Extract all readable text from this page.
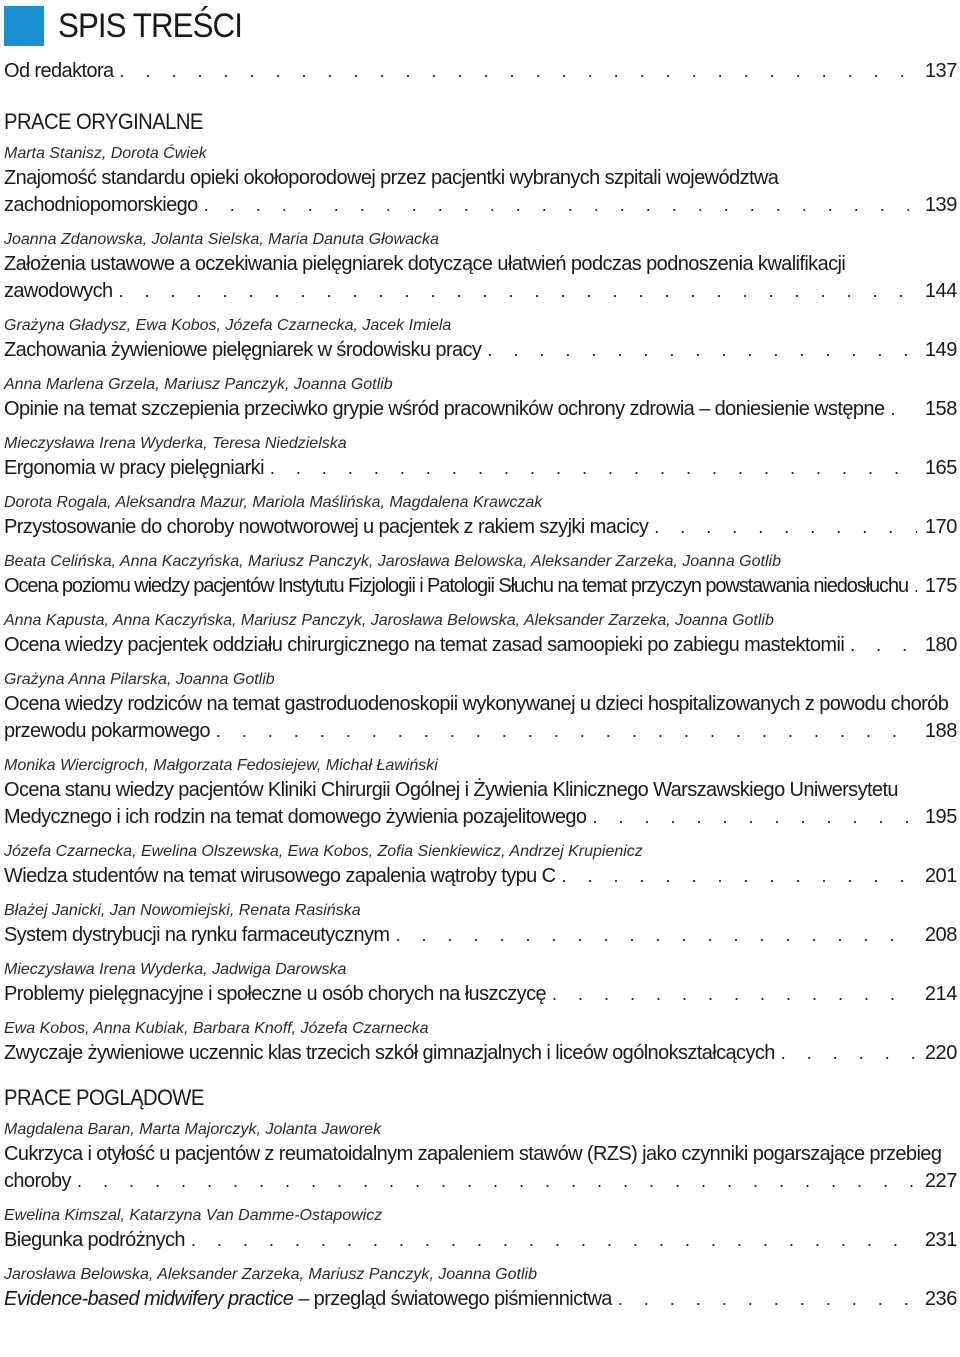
SPIS TREŚCI
Od redaktora . . .	137
PRACE ORYGINALNE
Marta Stanisz, Dorota Ćwiek
Znajomość standardu opieki okołoporodowej przez pacjentki wybranych szpitali województwa
zachodniopomorskiego . . .	139
Joanna Zdanowska, Jolanta Sielska, Maria Danuta Głowacka
Założenia ustawowe a oczekiwania pielęgniarek dotyczące ułatwień podczas podnoszenia kwalifikacji
zawodowych . . .	144
Grażyna Gładysz, Ewa Kobos, Józefa Czarnecka, Jacek Imiela
Zachowania żywieniowe pielęgniarek w środowisku pracy . . .	149
Anna Marlena Grzela, Mariusz Panczyk, Joanna Gotlib
Opinie na temat szczepienia przeciwko grypie wśród pracowników ochrony zdrowia – doniesienie wstępne . . . 158
Mieczysława Irena Wyderka, Teresa Niedzielska
Ergonomia w pracy pielęgniarki . . .	165
Dorota Rogala, Aleksandra Mazur, Mariola Maślińska, Magdalena Krawczak
Przystosowanie do choroby nowotworowej u pacjentek z rakiem szyjki macicy . . .	170
Beata Celińska, Anna Kaczyńska, Mariusz Panczyk, Jarosława Belowska, Aleksander Zarzeka, Joanna Gotlib
Ocena poziomu wiedzy pacjentów Instytutu Fizjologii i Patologii Słuchu na temat przyczyn powstawania niedosłuchu . . . 175
Anna Kapusta, Anna Kaczyńska, Mariusz Panczyk, Jarosława Belowska, Aleksander Zarzeka, Joanna Gotlib
Ocena wiedzy pacjentek oddziału chirurgicznego na temat zasad samoopieki po zabiegu mastektomii . . .	180
Grażyna Anna Pilarska, Joanna Gotlib
Ocena wiedzy rodziców na temat gastroduodenoskopii wykonywanej u dzieci hospitalizowanych z powodu chorób
przewodu pokarmowego . . .	188
Monika Wiercigroch, Małgorzata Fedosiejew, Michał Ławiński
Ocena stanu wiedzy pacjentów Kliniki Chirurgii Ogólnej i Żywienia Klinicznego Warszawskiego Uniwersytetu
Medycznego i ich rodzin na temat domowego żywienia pozajelitowego . . .	195
Józefa Czarnecka, Ewelina Olszewska, Ewa Kobos, Zofia Sienkiewicz, Andrzej Krupienicz
Wiedza studentów na temat wirusowego zapalenia wątroby typu C . . .	201
Błażej Janicki, Jan Nowomiejski, Renata Rasińska
System dystrybucji na rynku farmaceutycznym . . .	208
Mieczysława Irena Wyderka, Jadwiga Darowska
Problemy pielęgnacyjne i społeczne u osób chorych na łuszczycę . . .	214
Ewa Kobos, Anna Kubiak, Barbara Knoff, Józefa Czarnecka
Zwyczaje żywieniowe uczennic klas trzecich szkół gimnazjalnych i liceów ogólnokształcących . . .	220
PRACE POGLĄDOWE
Magdalena Baran, Marta Majorczyk, Jolanta Jaworek
Cukrzyca i otyłość u pacjentów z reumatoidalnym zapaleniem stawów (RZS) jako czynniki pogarszające przebieg
choroby . . .	227
Ewelina Kimszal, Katarzyna Van Damme-Ostapowicz
Biegunka podróżnych . . .	231
Jarosława Belowska, Aleksander Zarzeka, Mariusz Panczyk, Joanna Gotlib
Evidence-based midwifery practice – przegląd światowego piśmiennictwa . . .	236
